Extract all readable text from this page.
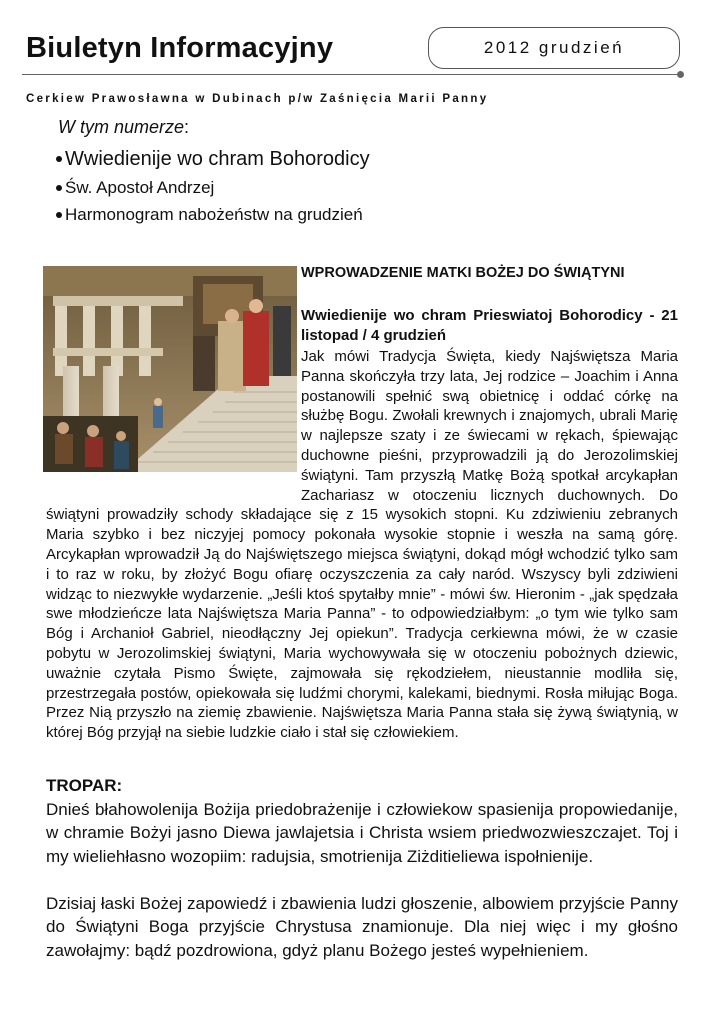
Biuletyn Informacyjny	2012 grudzień
Cerkiew Prawosławna w Dubinach p/w Zaśnięcia Marii Panny
W tym numerze:
Wwiedienije wo chram Bohorodicy
Św. Apostoł Andrzej
Harmonogram nabożeństw na grudzień

WPROWADZENIE MATKI BOŻEJ DO ŚWIĄTYNI

Wwiedienije wo chram Prieswiatoj Bohorodicy - 21 listopad / 4 grudzień

Jak mówi Tradycja Święta, kiedy Najświętsza Maria Panna skończyła trzy lata, Jej rodzice – Joachim i Anna postanowili spełnić swą obietnicę i oddać córkę na służbę Bogu. Zwołali krewnych i znajomych, ubrali Marię w najlepsze szaty i ze świecami w rękach, śpiewając duchowne pieśni, przyprowadzili ją do Jerozolimskiej świątyni. Tam przyszłą Matkę Bożą spotkał arcykapłan Zachariasz w otoczeniu licznych duchownych. Do świątyni prowadziły schody składające się z 15 wysokich stopni. Ku zdziwieniu zebranych Maria szybko i bez niczyjej pomocy pokonała wysokie stopnie i weszła na samą górę. Arcykapłan wprowadził Ją do Najświętszego miejsca świątyni, dokąd mógł wchodzić tylko sam i to raz w roku, by złożyć Bogu ofiarę oczyszczenia za cały naród. Wszyscy byli zdziwieni widząc to niezwykłe wydarzenie. „Jeśli ktoś spytałby mnie” - mówi św. Hieronim - „jak spędzała swe młodzieńcze lata Najświętsza Maria Panna” - to odpowiedziałbym: „o tym wie tylko sam Bóg i Archanioł Gabriel, nieodłączny Jej opiekun”. Tradycja cerkiewna mówi, że w czasie pobytu w Jerozolimskiej świątyni, Maria wychowywała się w otoczeniu pobożnych dziewic, uważnie czytała Pismo Święte, zajmowała się rękodziełem, nieustannie modliła się, przestrzegała postów, opiekowała się ludźmi chorymi, kalekami, biednymi. Rosła miłując Boga. Przez Nią przyszło na ziemię zbawienie. Najświętsza Maria Panna stała się żywą świątynią, w której Bóg przyjął na siebie ludzkie ciało i stał się człowiekiem.

TROPAR:

Dnieś błahowolenija Bożija priedobrażenije i człowiekow spasienija propowiedanije, w chramie Bożyi jasno Diewa jawlajetsia i Christa wsiem priedwozwieszczajet. Toj i my wieliehłasno wozopiim: radujsia, smotrienija Ziżditieliewa ispołnienije.

Dzisiaj łaski Bożej zapowiedź i zbawienia ludzi głoszenie, albowiem przyjście Panny do Świątyni Boga przyjście Chrystusa znamionuje. Dla niej więc i my głośno zawołajmy: bądź pozdrowiona, gdyż planu Bożego jesteś wypełnieniem.
